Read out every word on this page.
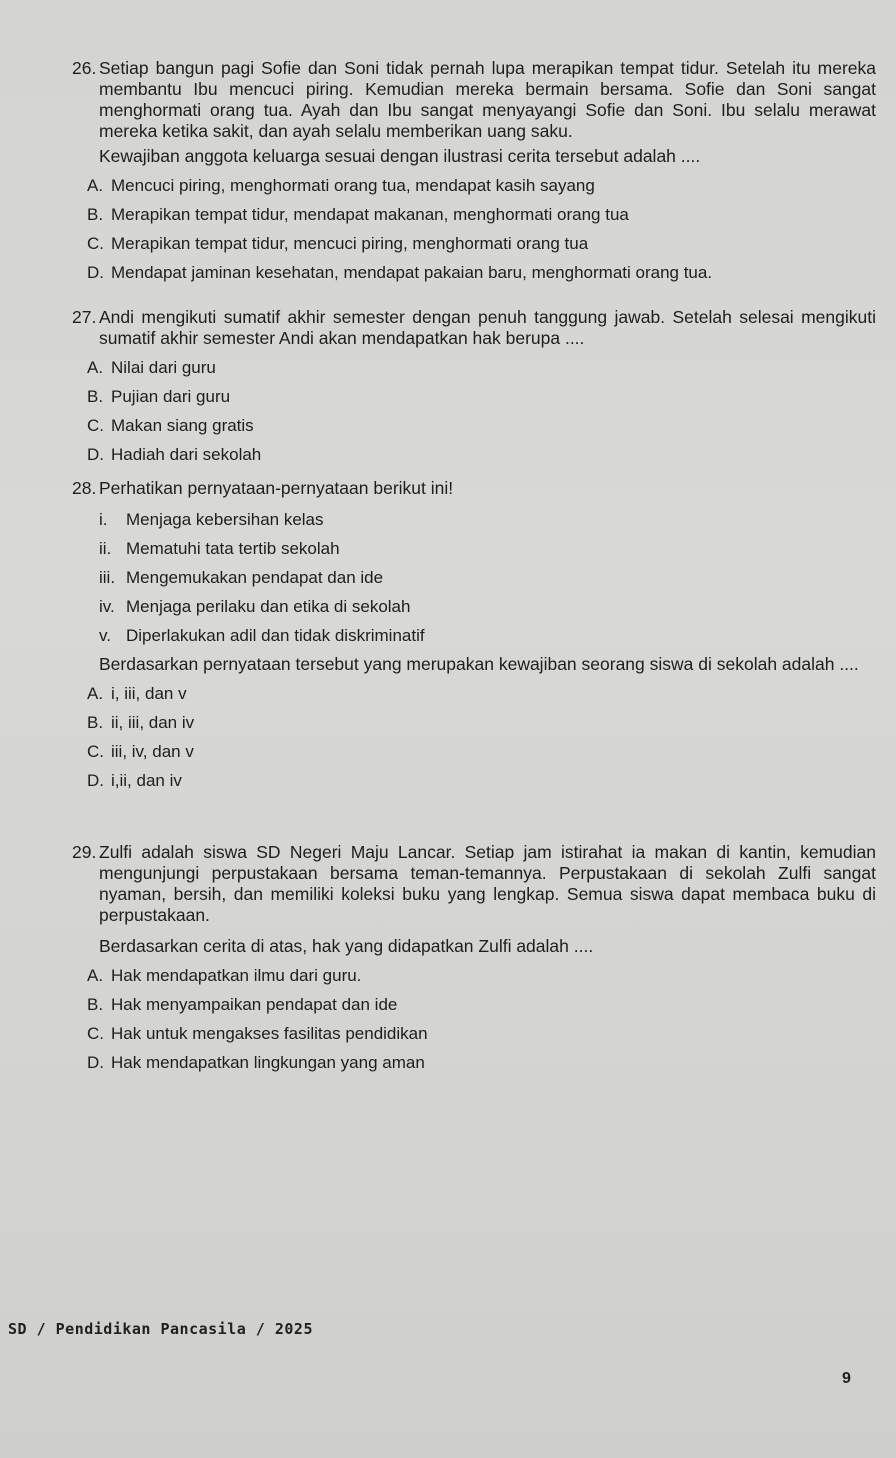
26. Setiap bangun pagi Sofie dan Soni tidak pernah lupa merapikan tempat tidur. Setelah itu mereka membantu Ibu mencuci piring. Kemudian mereka bermain bersama. Sofie dan Soni sangat menghormati orang tua. Ayah dan Ibu sangat menyayangi Sofie dan Soni. Ibu selalu merawat mereka ketika sakit, dan ayah selalu memberikan uang saku.

Kewajiban anggota keluarga sesuai dengan ilustrasi cerita tersebut adalah ....
A. Mencuci piring, menghormati orang tua, mendapat kasih sayang
B. Merapikan tempat tidur, mendapat makanan, menghormati orang tua
C. Merapikan tempat tidur, mencuci piring, menghormati orang tua
D. Mendapat jaminan kesehatan, mendapat pakaian baru, menghormati orang tua.
27. Andi mengikuti sumatif akhir semester dengan penuh tanggung jawab. Setelah selesai mengikuti sumatif akhir semester Andi akan mendapatkan hak berupa ....

A. Nilai dari guru
B. Pujian dari guru
C. Makan siang gratis
D. Hadiah dari sekolah
28. Perhatikan pernyataan-pernyataan berikut ini!

i.	Menjaga kebersihan kelas
ii. Mematuhi tata tertib sekolah
iii. Mengemukakan pendapat dan ide
iv. Menjaga perilaku dan etika di sekolah
v. Diperlakukan adil dan tidak diskriminatif
Berdasarkan pernyataan tersebut yang merupakan kewajiban seorang siswa di sekolah adalah ....
A. i, iii, dan v
B. ii, iii, dan iv
C. iii, iv, dan v
D. i,ii, dan iv
29. Zulfi adalah siswa SD Negeri Maju Lancar. Setiap jam istirahat ia makan di kantin, kemudian mengunjungi perpustakaan bersama teman-temannya. Perpustakaan di sekolah Zulfi sangat nyaman, bersih, dan memiliki koleksi buku yang lengkap. Semua siswa dapat membaca buku di perpustakaan.

Berdasarkan cerita di atas, hak yang didapatkan Zulfi adalah ....
A. Hak mendapatkan ilmu dari guru.
B. Hak menyampaikan pendapat dan ide
C. Hak untuk mengakses fasilitas pendidikan
D. Hak mendapatkan lingkungan yang aman
SD / Pendidikan Pancasila / 2025
9
